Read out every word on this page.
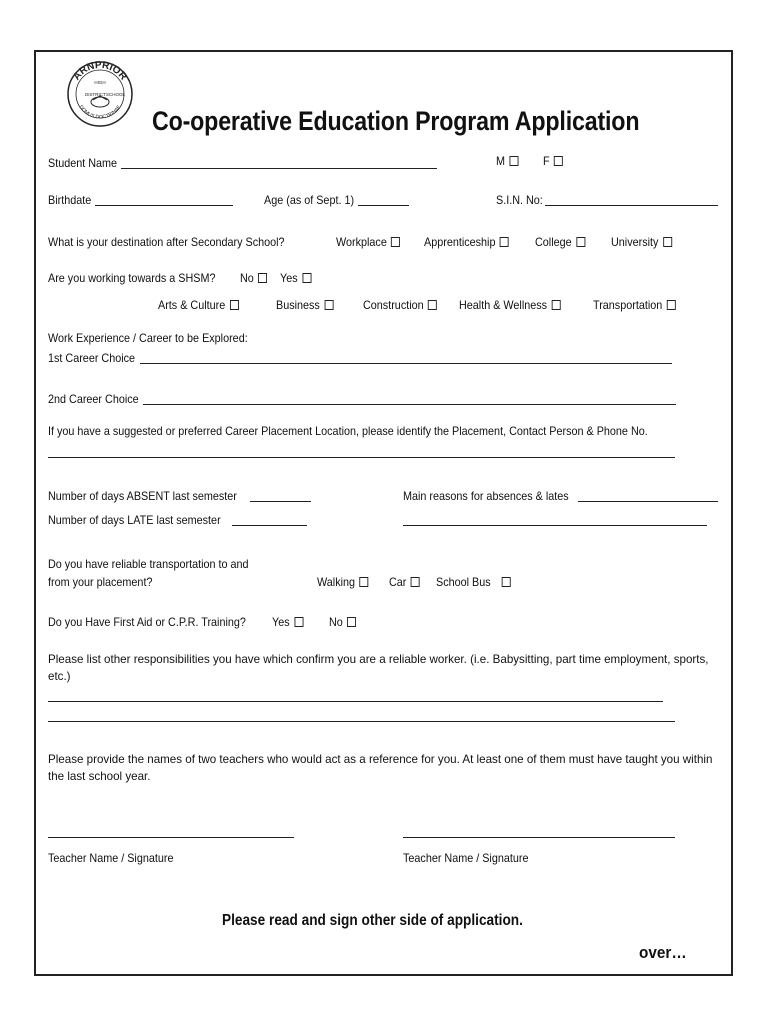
ARNPRIOR
DOMUS DOCTRINAE
DISTRICT
HIGH
SCHOOL
Co-operative Education Program Application
Student Name	M	F
Birthdate	Age (as of Sept. 1)	S.I.N. No:
What is your destination after Secondary School?	Workplace	Apprenticeship	College	University
Are you working towards a SHSM? No	Yes
Arts & Culture	Business	Construction	Health & Wellness	Transportation
Work Experience / Career to be Explored:
1st Career Choice
2nd Career Choice
If you have a suggested or preferred Career Placement Location, please identify the Placement, Contact Person & Phone No.
Number of days ABSENT last semester
Number of days LATE last semester
Main reasons for absences & lates
Do you have reliable transportation to and
from your placement?	Walking	Car	School Bus
Do you Have First Aid or C.P.R. Training? Yes	No
Please list other responsibilities you have which confirm you are a reliable worker. (i.e. Babysitting, part time employment, sports, etc.)
Please provide the names of two teachers who would act as a reference for you. At least one of them must have taught you within the last school year.
Teacher Name / Signature	Teacher Name / Signature
Please read and sign other side of application.
over…
